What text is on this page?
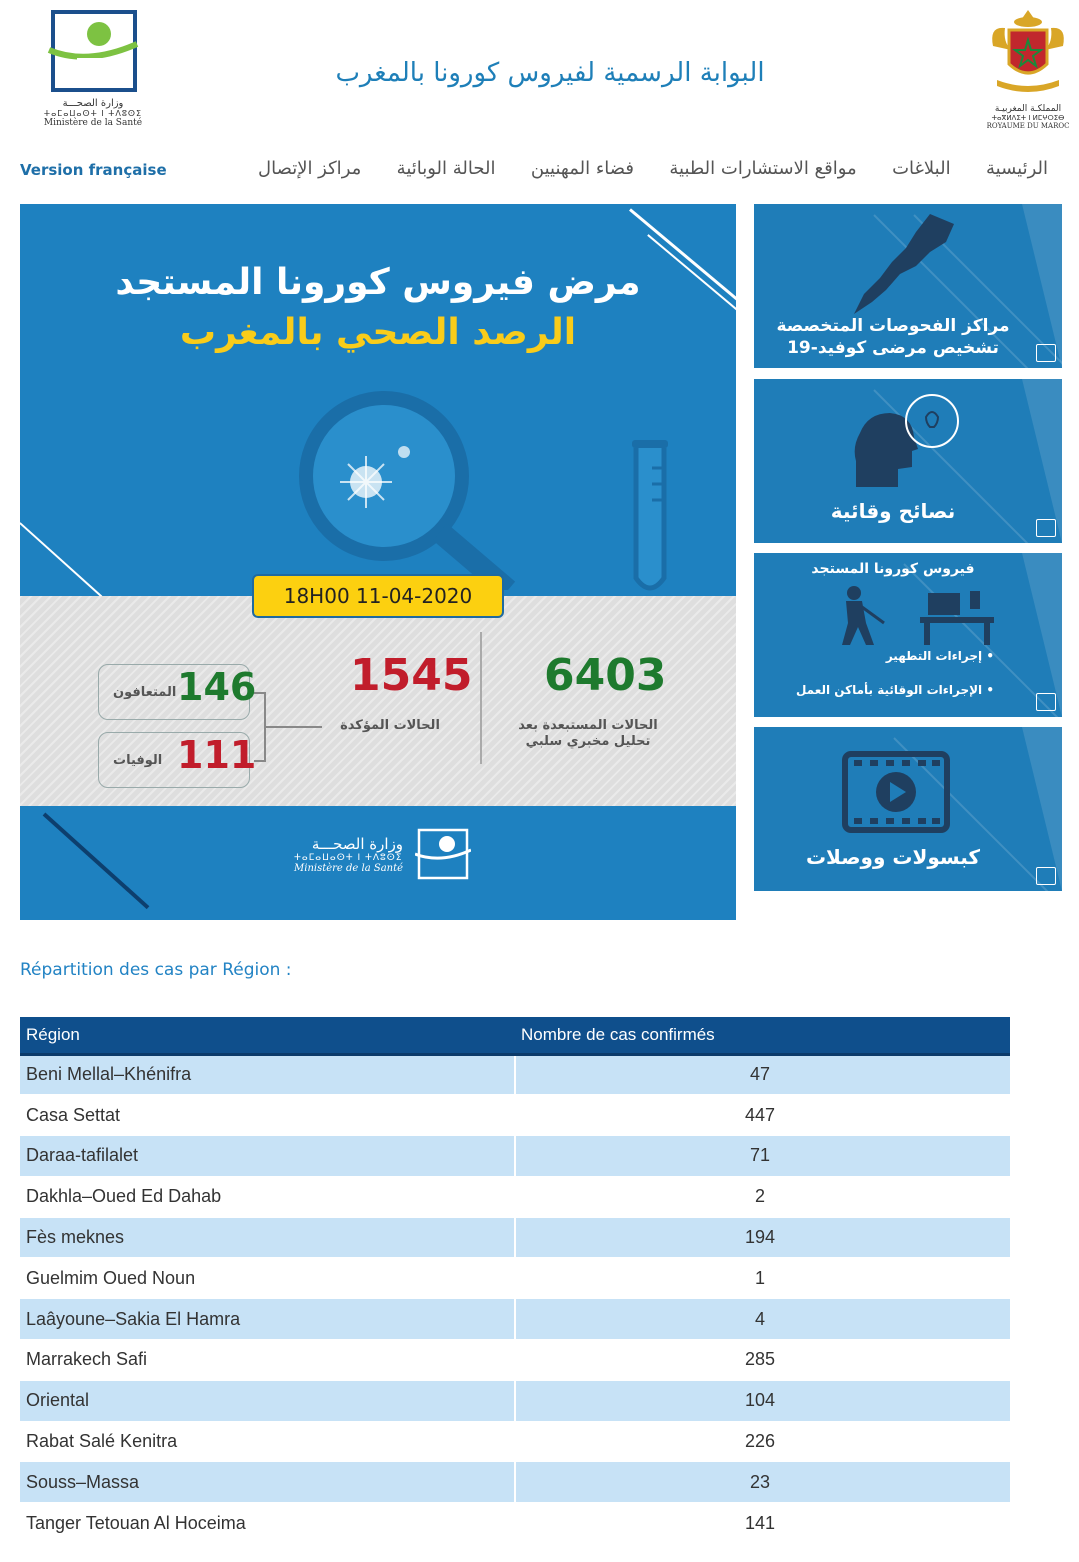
وزارة الصحـــة
ⵜⴰⵎⴰⵡⴰⵙⵜ ⵏ ⵜⴷⵓⵙⵉ
Ministère de la Santé
البوابة الرسمية لفيروس كورونا بالمغرب
المملكـة المغربيـة
ⵜⴰⴳⵍⴷⵉⵜ ⵏ ⵍⵎⵖⵔⵉⴱ
ROYAUME DU MAROC
Version française	مراكز الإتصال الحالة الوبائية فضاء المهنيين مواقع الاستشارات الطبية البلاغات الرئيسية
مرض فيروس كورونا المستجد
الرصد الصحي بالمغرب
18H00 11-04-2020
6403
الحالات المستبعدة بعد
تحليل مخبري سلبي
1545
الحالات المؤكدة
المتعافون 146
الوفيات 111
وزارة الصحـــة
ⵜⴰⵎⴰⵡⴰⵙⵜ ⵏ ⵜⴷⵓⵙⵉ
Ministère de la Santé
مراكز الفحوصات المتخصصة
تشخيص مرضى كوفيد-19
نصائح وقائية
فيروس كورونا المستجد
• إجراءات التطهير
• الإجراءات الوقائية بأماكن العمل
كبسولات ووصلات
Répartition des cas par Région :
Région	Nombre de cas confirmés
Beni Mellal–Khénifra	47
Casa Settat	447
Daraa-tafilalet	71
Dakhla–Oued Ed Dahab	2
Fès meknes	194
Guelmim Oued Noun	1
Laâyoune–Sakia El Hamra	4
Marrakech Safi	285
Oriental	104
Rabat Salé Kenitra	226
Souss–Massa	23
Tanger Tetouan Al Hoceima	141
